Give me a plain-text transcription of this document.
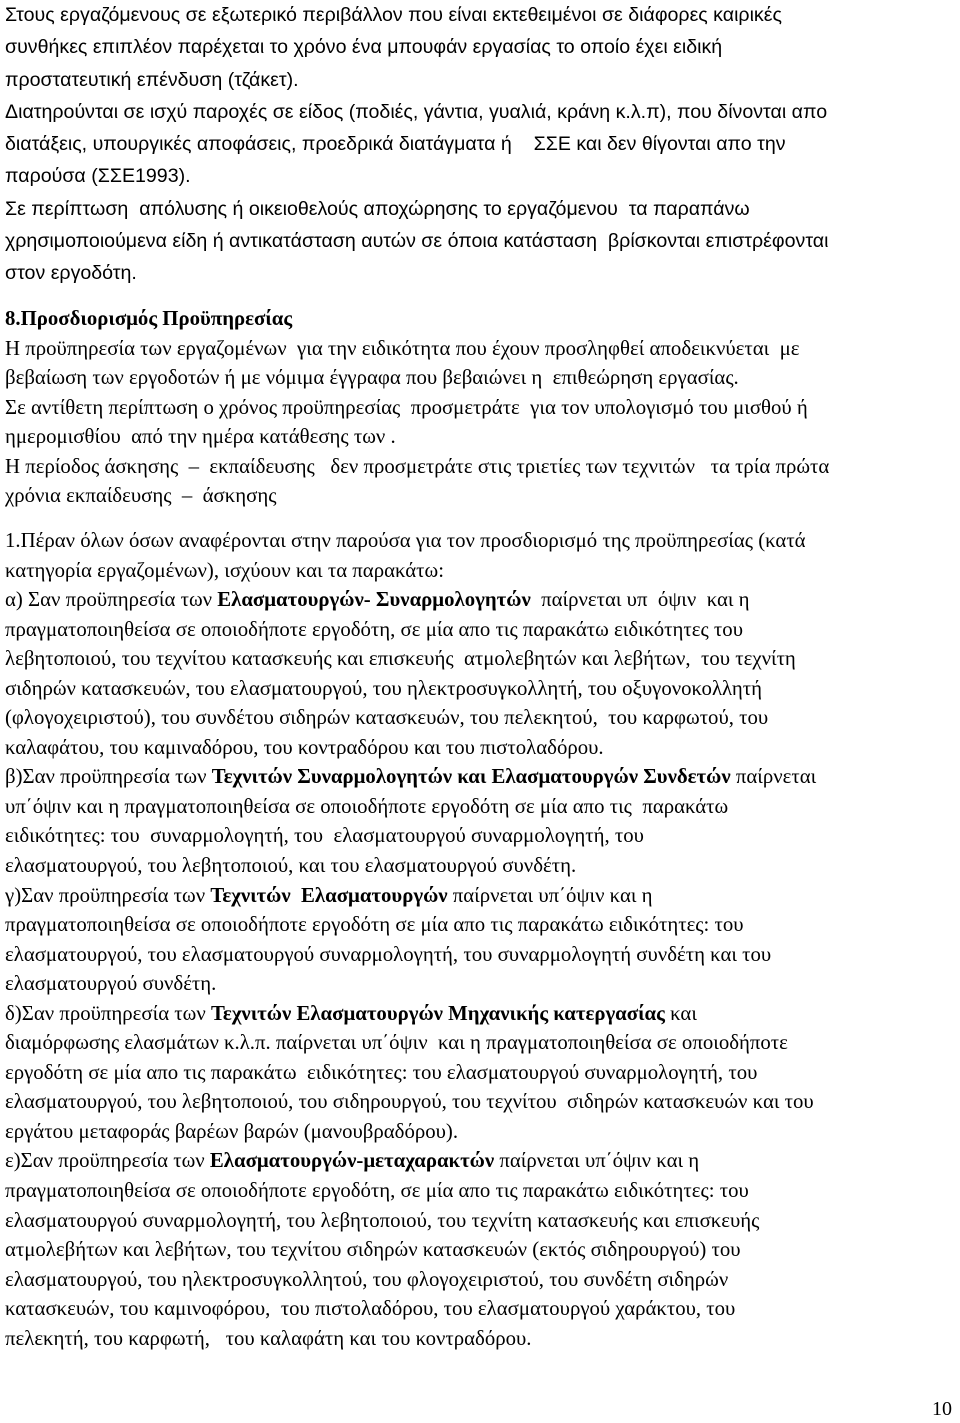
Στους εργαζόμενους σε εξωτερικό περιβάλλον που είναι εκτεθειμένοι σε διάφορες καιρικές
συνθήκες επιπλέον παρέχεται το χρόνο ένα μπουφάν εργασίας το οποίο έχει ειδική
προστατευτική επένδυση (τζάκετ).
Διατηρούνται σε ισχύ παροχές σε είδος (ποδιές, γάντια, γυαλιά, κράνη κ.λ.π), που δίνονται απο
διατάξεις, υπουργικές αποφάσεις, προεδρικά διατάγματα ή    ΣΣΕ και δεν θίγονται απο την
παρούσα (ΣΣΕ1993).
Σε περίπτωση  απόλυσης ή οικειοθελούς αποχώρησης το εργαζόμενου  τα παραπάνω
χρησιμοποιούμενα είδη ή αντικατάσταση αυτών σε όποια κατάσταση  βρίσκονται επιστρέφονται
στον εργοδότη.
8.Προσδιορισμός Προϋπηρεσίας
Η προϋπηρεσία των εργαζομένων  για την ειδικότητα που έχουν προσληφθεί αποδεικνύεται  με
βεβαίωση των εργοδοτών ή με νόμιμα έγγραφα που βεβαιώνει η  επιθεώρηση εργασίας.
Σε αντίθετη περίπτωση ο χρόνος προϋπηρεσίας  προσμετράτε  για τον υπολογισμό του μισθού ή
ημερομισθίου  από την ημέρα κατάθεσης των .
Η περίοδος άσκησης  –  εκπαίδευσης   δεν προσμετράτε στις τριετίες των τεχνιτών   τα τρία πρώτα
χρόνια εκπαίδευσης  –  άσκησης
1.Πέραν όλων όσων αναφέρονται στην παρούσα για τον προσδιορισμό της προϋπηρεσίας (κατά
κατηγορία εργαζομένων), ισχύουν και τα παρακάτω:
α) Σαν προϋπηρεσία των Ελασματουργών- Συναρμολογητών  παίρνεται υπ  όψιν  και η
πραγματοποιηθείσα σε οποιοδήποτε εργοδότη, σε μία απο τις παρακάτω ειδικότητες του
λεβητοποιού, του τεχνίτου κατασκευής και επισκευής  ατμολεβητών και λεβήτων,  του τεχνίτη
σιδηρών κατασκευών, του ελασματουργού, του ηλεκτροσυγκολλητή, του οξυγονοκολλητή
(φλογοχειριστού), του συνδέτου σιδηρών κατασκευών, του πελεκητού,  του καρφωτού, του
καλαφάτου, του καμιναδόρου, του κοντραδόρου και του πιστολαδόρου.
β)Σαν προϋπηρεσία των Τεχνιτών Συναρμολογητών και Ελασματουργών Συνδετών παίρνεται
υπ΄όψιν και η πραγματοποιηθείσα σε οποιοδήποτε εργοδότη σε μία απο τις  παρακάτω
ειδικότητες: του  συναρμολογητή, του  ελασματουργού συναρμολογητή, του
ελασματουργού, του λεβητοποιού, και του ελασματουργού συνδέτη.
γ)Σαν προϋπηρεσία των Τεχνιτών  Ελασματουργών παίρνεται υπ΄όψιν και η
πραγματοποιηθείσα σε οποιοδήποτε εργοδότη σε μία απο τις παρακάτω ειδικότητες: του
ελασματουργού, του ελασματουργού συναρμολογητή, του συναρμολογητή συνδέτη και του
ελασματουργού συνδέτη.
δ)Σαν προϋπηρεσία των Τεχνιτών Ελασματουργών Μηχανικής κατεργασίας και
διαμόρφωσης ελασμάτων κ.λ.π. παίρνεται υπ΄όψιν  και η πραγματοποιηθείσα σε οποιοδήποτε
εργοδότη σε μία απο τις παρακάτω  ειδικότητες: του ελασματουργού συναρμολογητή, του
ελασματουργού, του λεβητοποιού, του σιδηρουργού, του τεχνίτου  σιδηρών κατασκευών και του
εργάτου μεταφοράς βαρέων βαρών (μανουβραδόρου).
ε)Σαν προϋπηρεσία των Ελασματουργών-μεταχαρακτών παίρνεται υπ΄όψιν και η
πραγματοποιηθείσα σε οποιοδήποτε εργοδότη, σε μία απο τις παρακάτω ειδικότητες: του
ελασματουργού συναρμολογητή, του λεβητοποιού, του τεχνίτη κατασκευής και επισκευής
ατμολεβήτων και λεβήτων, του τεχνίτου σιδηρών κατασκευών (εκτός σιδηρουργού) του
ελασματουργού, του ηλεκτροσυγκολλητού, του φλογοχειριστού, του συνδέτη σιδηρών
κατασκευών, του καμινοφόρου,  του πιστολαδόρου, του ελασματουργού χαράκτου, του
πελεκητή, του καρφωτή,   του καλαφάτη και του κοντραδόρου.
10
